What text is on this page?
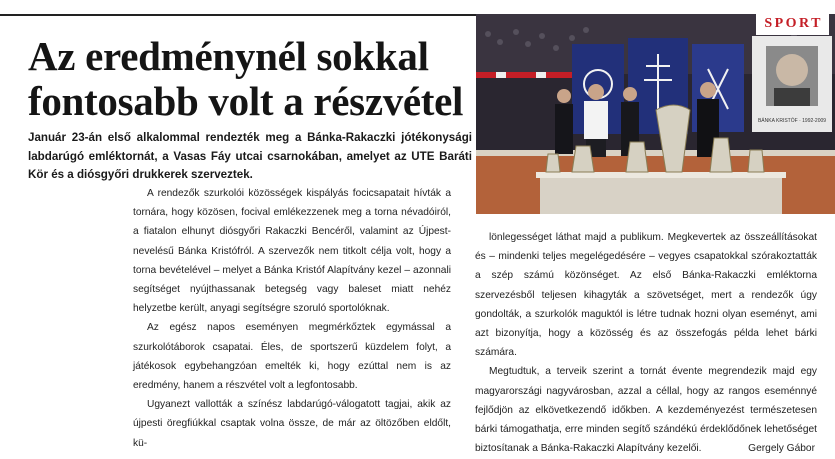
Az eredménynél sokkal fontosabb volt a részvétel

Január 23-án első alkalommal rendezték meg a Bánka-Rakaczki jótékonysági labdarúgó emléktornát, a Vasas Fáy utcai csarnokában, amelyet az UTE Baráti Kör és a diósgyőri drukkerek szerveztek.

A rendezők szurkolói közösségek kispályás focicsapatait hívták a tornára, hogy közösen, focival emlékezzenek meg a torna névadóiról, a fiatalon elhunyt diósgyőri Rakaczki Bencéről, valamint az Újpest-nevelésű Bánka Kristófról. A szervezők nem titkolt célja volt, hogy a torna bevételével – melyet a Bánka Kristóf Alapítvány kezel – azonnali segítséget nyújthassanak betegség vagy baleset miatt nehéz helyzetbe került, anyagi segítségre szoruló sportolóknak.

Az egész napos eseményen megmérkőztek egymással a szurkolótáborok csapatai. Éles, de sportszerű küzdelem folyt, a játékosok egybehangzóan emelték ki, hogy ezúttal nem is az eredmény, hanem a részvétel volt a legfontosabb.

Ugyanezt vallották a színész labdarúgó-válogatott tagjai, akik az újpesti öregfiúkkal csaptak volna össze, de már az öltözőben eldőlt, kü-

lönlegességet láthat majd a publikum. Megkevertek az összeállításokat és – mindenki teljes megelégedésére – vegyes csapatokkal szórakoztatták a szép számú közönséget. Az első Bánka-Rakaczki emléktorna szervezésből teljesen kihagyták a szövetséget, mert a rendezők úgy gondolták, a szurkolók maguktól is létre tudnak hozni olyan eseményt, ami azt bizonyítja, hogy a közösség és az összefogás példa lehet bárki számára.

Megtudtuk, a terveik szerint a tornát évente megrendezik majd egy magyarországi nagyvárosban, azzal a céllal, hogy az rangos eseménnyé fejlődjön az elkövetkezendő időkben. A kezdeményezést természetesen bárki támogathatja, erre minden segítő szándékú érdeklődőnek lehetőséget biztosítanak a Bánka-Rakaczki Alapítvány kezelői.	Gergely Gábor
BÁNKA KRISTÓF · 1992-2009
SPORT
